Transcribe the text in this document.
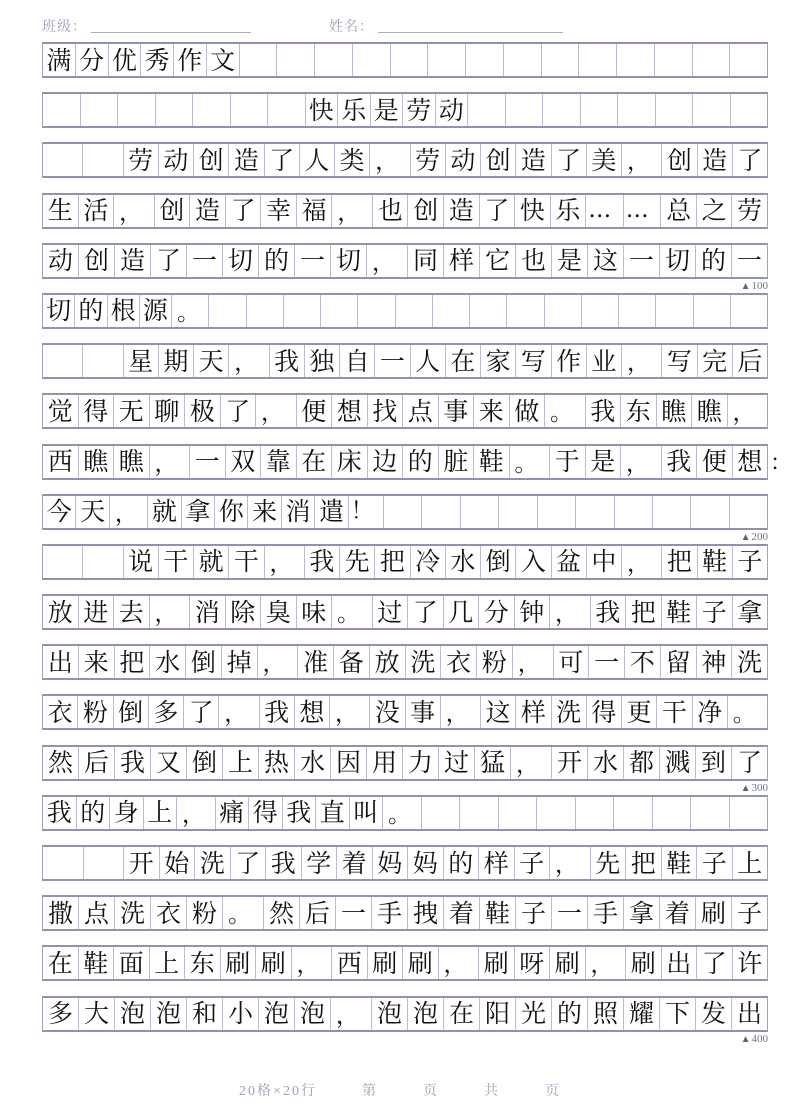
班级：	姓名：
满 分 优 秀 作 文
快 乐 是 劳 动
劳 动 创 造 了 人 类 ， 劳 动 创 造 了 美 ， 创 造 了
生 活 ， 创 造 了 幸 福 ， 也 创 造 了 快 乐 … … 总 之 劳
动 创 造 了 一 切 的 一 切 ， 同 样 它 也 是 这 一 切 的 一
▲100
切 的 根 源 。
星 期 天 ， 我 独 自 一 人 在 家 写 作 业 ， 写 完 后
觉 得 无 聊 极 了 ， 便 想 找 点 事 来 做 。 我 东 瞧 瞧 ，
西 瞧 瞧 ， 一 双 靠 在 床 边 的 脏 鞋 。 于 是 ， 我 便 想 ：
今 天 ， 就 拿 你 来 消 遣 ！
▲200
说 干 就 干 ， 我 先 把 冷 水 倒 入 盆 中 ， 把 鞋 子
放 进 去 ， 消 除 臭 味 。 过 了 几 分 钟 ， 我 把 鞋 子 拿
出 来 把 水 倒 掉 ， 准 备 放 洗 衣 粉 ， 可 一 不 留 神 洗
衣 粉 倒 多 了 ， 我 想 ， 没 事 ， 这 样 洗 得 更 干 净 。
然 后 我 又 倒 上 热 水 因 用 力 过 猛 ， 开 水 都 溅 到 了
▲300
我 的 身 上 ， 痛 得 我 直 叫 。
开 始 洗 了 我 学 着 妈 妈 的 样 子 ， 先 把 鞋 子 上
撒 点 洗 衣 粉 。 然 后 一 手 拽 着 鞋 子 一 手 拿 着 刷 子
在 鞋 面 上 东 刷 刷 ， 西 刷 刷 ， 刷 呀 刷 ， 刷 出 了 许
多 大 泡 泡 和 小 泡 泡 ， 泡 泡 在 阳 光 的 照 耀 下 发 出
▲400
20格×20行	第	页	共	页
